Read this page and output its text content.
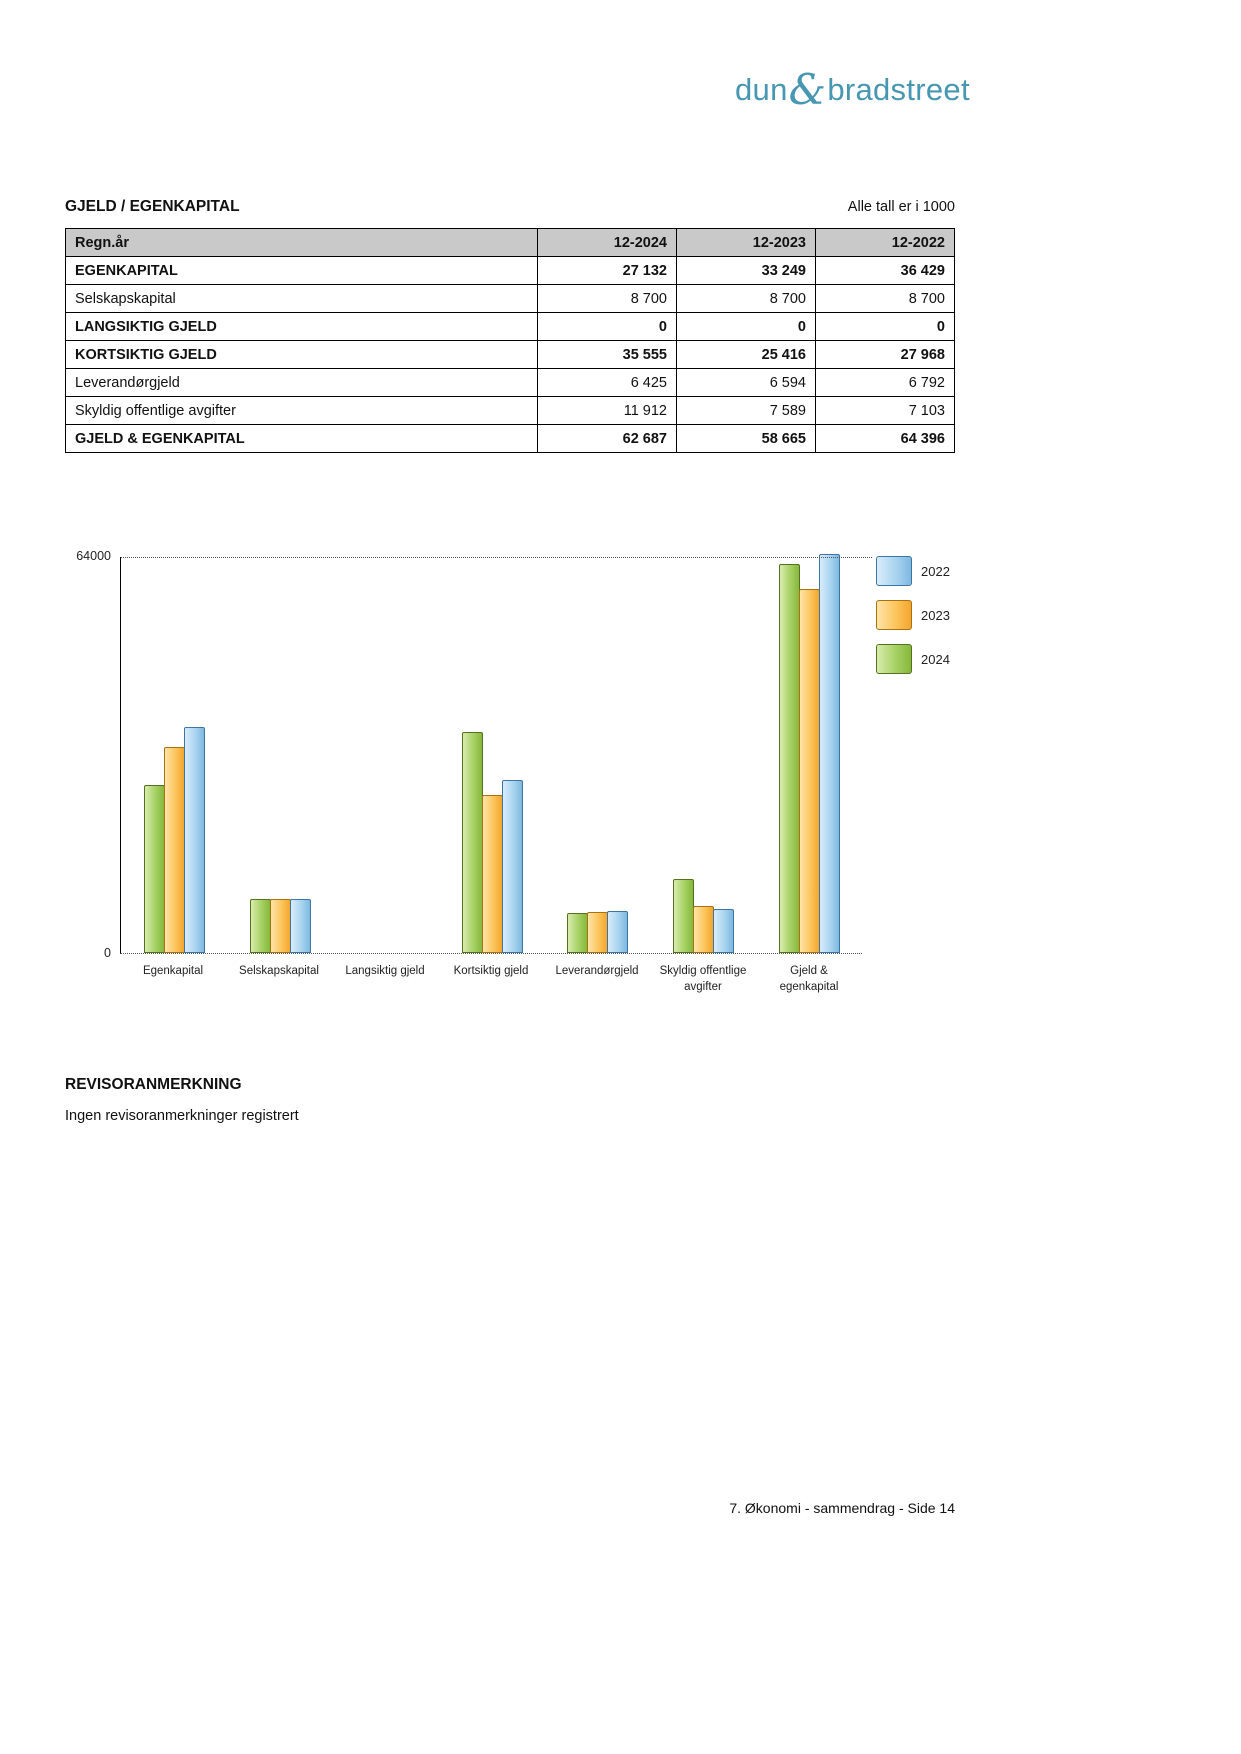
dun&bradstreet
GJELD / EGENKAPITAL	Alle tall er i 1000
Regn.år	12-2024	12-2023	12-2022
EGENKAPITAL	27 132	33 249	36 429
Selskapskapital	8 700	8 700	8 700
LANGSIKTIG GJELD	0	0	0
KORTSIKTIG GJELD	35 555	25 416	27 968
Leverandørgjeld	6 425	6 594	6 792
Skyldig offentlige avgifter	11 912	7 589	7 103
GJELD & EGENKAPITAL	62 687	58 665	64 396
64000
0
Egenkapital	Selskapskapital	Langsiktig gjeld	Kortsiktig gjeld	Leverandørgjeld	Skyldig offentlige avgifter
Gjeld & egenkapital
2022
2023
2024
REVISORANMERKNING
Ingen revisoranmerkninger registrert
7. Økonomi - sammendrag - Side 14
